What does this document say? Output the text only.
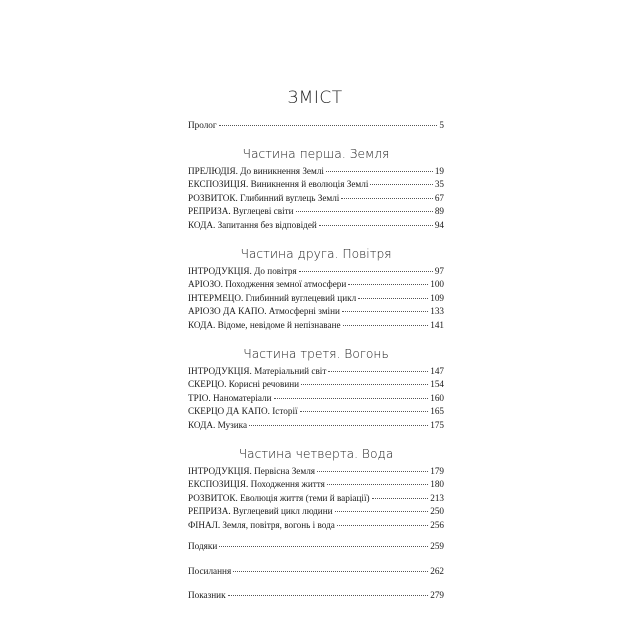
ЗМІСТ
Пролог	5
Частина перша. Земля
ПРЕЛЮДІЯ. До виникнення Землі	19
ЕКСПОЗИЦІЯ. Виникнення й еволюція Землі	35
РОЗВИТОК. Глибинний вуглець Землі	67
РЕПРИЗА. Вуглецеві світи	89
КОДА. Запитання без відповідей	94
Частина друга. Повітря
ІНТРОДУКЦІЯ. До повітря	97
АРІОЗО. Походження земної атмосфери	100
ІНТЕРМЕЦО. Глибинний вуглецевий цикл	109
АРІОЗО ДА КАПО. Атмосферні зміни	133
КОДА. Відоме, невідоме й непізнаване	141
Частина третя. Вогонь
ІНТРОДУКЦІЯ. Матеріальний світ	147
СКЕРЦО. Корисні речовини	154
ТРІО. Наноматеріали	160
СКЕРЦО ДА КАПО. Історії	165
КОДА. Музика	175
Частина четверта. Вода
ІНТРОДУКЦІЯ. Первісна Земля	179
ЕКСПОЗИЦІЯ. Походження життя	180
РОЗВИТОК. Еволюція життя (теми й варіації)	213
РЕПРИЗА. Вуглецевий цикл людини	250
ФІНАЛ. Земля, повітря, вогонь і вода	256
Подяки	259
Посилання	262
Показник	279
